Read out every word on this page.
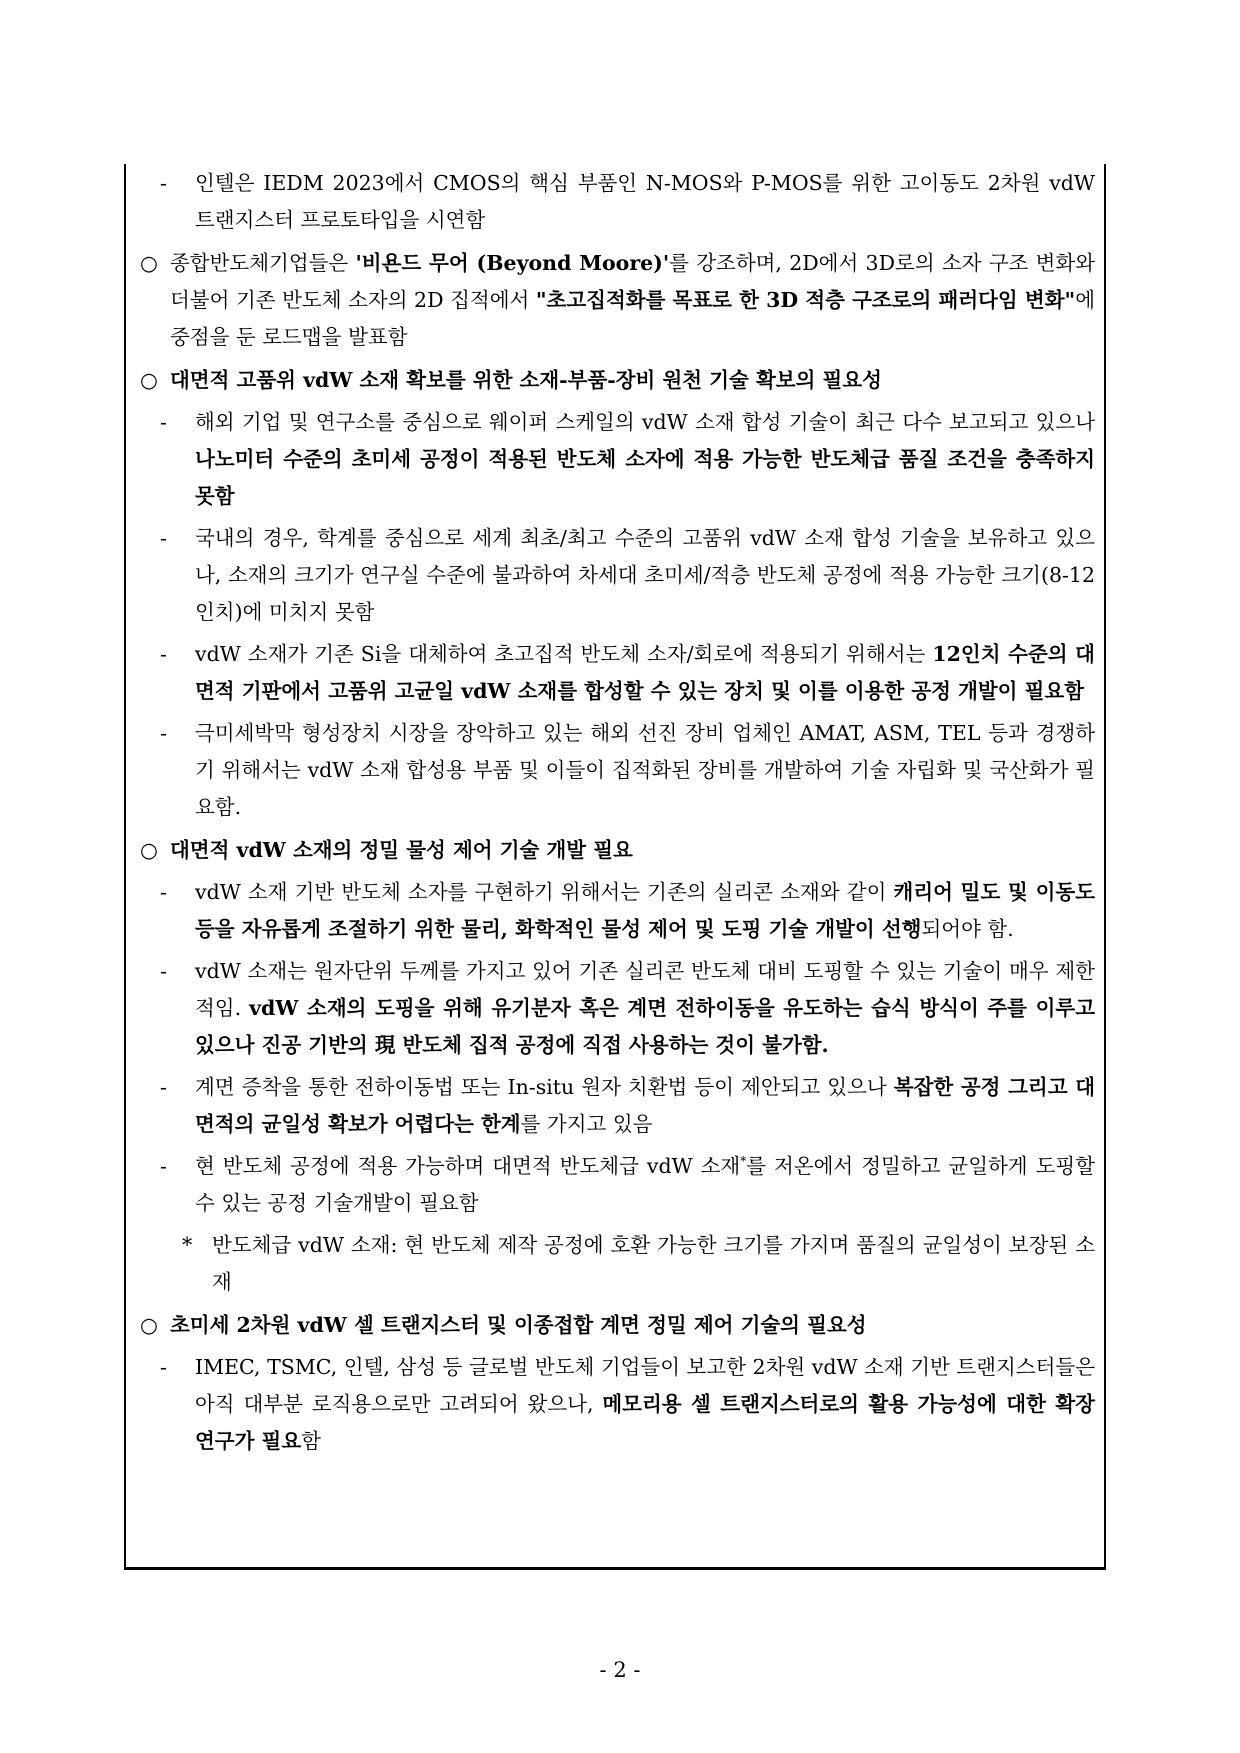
- 인텔은 IEDM 2023에서 CMOS의 핵심 부품인 N-MOS와 P-MOS를 위한 고이동도 2차원 vdW 트랜지스터 프로토타입을 시연함
○ 종합반도체기업들은 '비욘드 무어 (Beyond Moore)'를 강조하며, 2D에서 3D로의 소자 구조 변화와 더불어 기존 반도체 소자의 2D 집적에서 "초고집적화를 목표로 한 3D 적층 구조로의 패러다임 변화"에 중점을 둔 로드맵을 발표함
○ 대면적 고품위 vdW 소재 확보를 위한 소재-부품-장비 원천 기술 확보의 필요성
- 해외 기업 및 연구소를 중심으로 웨이퍼 스케일의 vdW 소재 합성 기술이 최근 다수 보고되고 있으나 나노미터 수준의 초미세 공정이 적용된 반도체 소자에 적용 가능한 반도체급 품질 조건을 충족하지 못함
- 국내의 경우, 학계를 중심으로 세계 최초/최고 수준의 고품위 vdW 소재 합성 기술을 보유하고 있으나, 소재의 크기가 연구실 수준에 불과하여 차세대 초미세/적층 반도체 공정에 적용 가능한 크기(8-12인치)에 미치지 못함
- vdW 소재가 기존 Si을 대체하여 초고집적 반도체 소자/회로에 적용되기 위해서는 12인치 수준의 대면적 기판에서 고품위 고균일 vdW 소재를 합성할 수 있는 장치 및 이를 이용한 공정 개발이 필요함
- 극미세박막 형성장치 시장을 장악하고 있는 해외 선진 장비 업체인 AMAT, ASM, TEL 등과 경쟁하기 위해서는 vdW 소재 합성용 부품 및 이들이 집적화된 장비를 개발하여 기술 자립화 및 국산화가 필요함.
○ 대면적 vdW 소재의 정밀 물성 제어 기술 개발 필요
- vdW 소재 기반 반도체 소자를 구현하기 위해서는 기존의 실리콘 소재와 같이 캐리어 밀도 및 이동도 등을 자유롭게 조절하기 위한 물리, 화학적인 물성 제어 및 도핑 기술 개발이 선행되어야 함.
- vdW 소재는 원자단위 두께를 가지고 있어 기존 실리콘 반도체 대비 도핑할 수 있는 기술이 매우 제한적임. vdW 소재의 도핑을 위해 유기분자 혹은 계면 전하이동을 유도하는 습식 방식이 주를 이루고 있으나 진공 기반의 現 반도체 집적 공정에 직접 사용하는 것이 불가함.
- 계면 증착을 통한 전하이동법 또는 In-situ 원자 치환법 등이 제안되고 있으나 복잡한 공정 그리고 대면적의 균일성 확보가 어렵다는 한계를 가지고 있음
- 현 반도체 공정에 적용 가능하며 대면적 반도체급 vdW 소재*를 저온에서 정밀하고 균일하게 도핑할 수 있는 공정 기술개발이 필요함
* 반도체급 vdW 소재: 현 반도체 제작 공정에 호환 가능한 크기를 가지며 품질의 균일성이 보장된 소재
○ 초미세 2차원 vdW 셀 트랜지스터 및 이종접합 계면 정밀 제어 기술의 필요성
- IMEC, TSMC, 인텔, 삼성 등 글로벌 반도체 기업들이 보고한 2차원 vdW 소재 기반 트랜지스터들은 아직 대부분 로직용으로만 고려되어 왔으나, 메모리용 셀 트랜지스터로의 활용 가능성에 대한 확장 연구가 필요함
- 2 -
